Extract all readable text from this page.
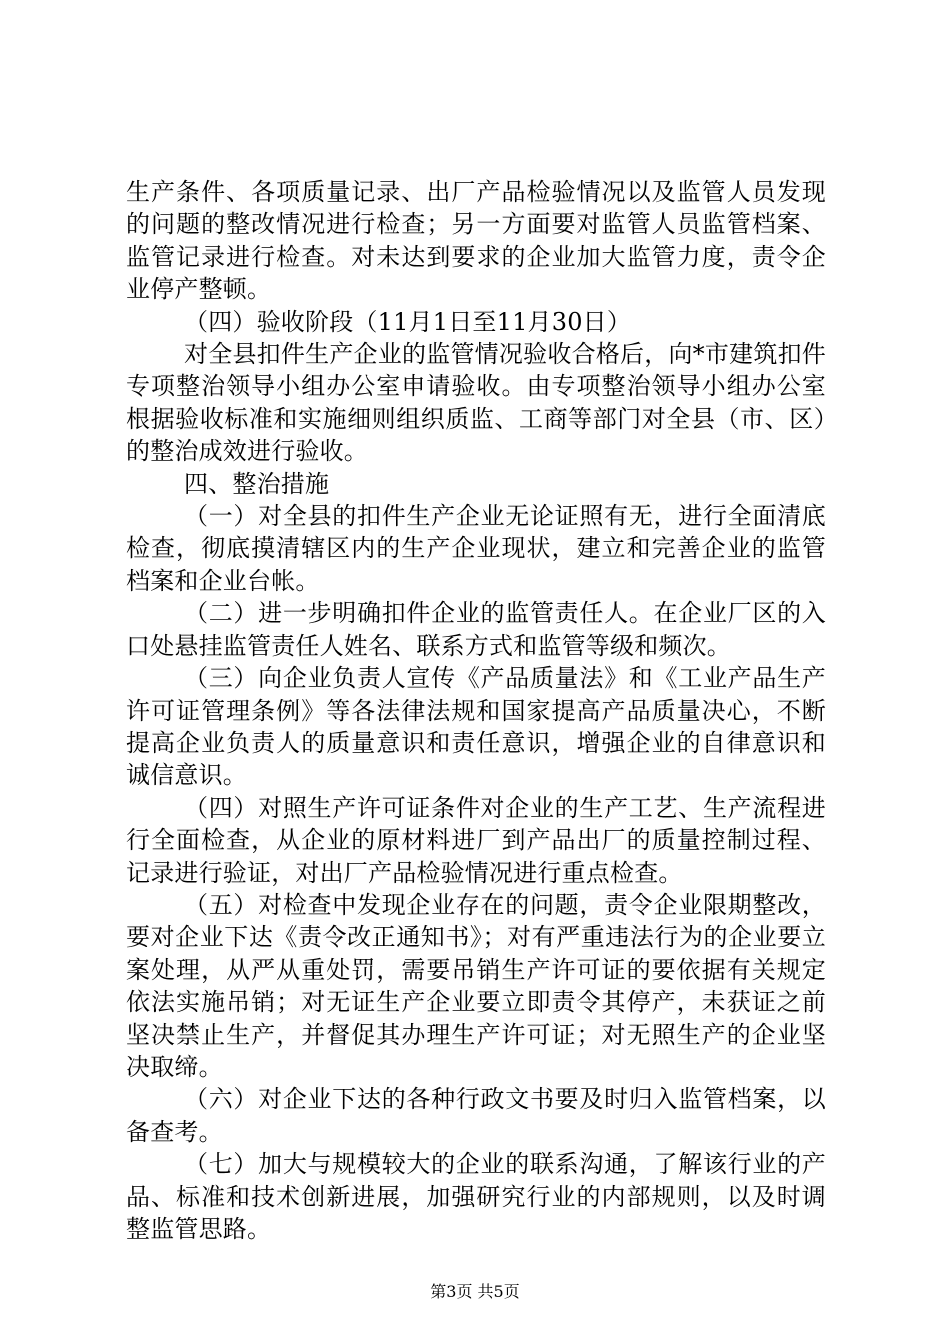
生产条件、各项质量记录、出厂产品检验情况以及监管人员发现的问题的整改情况进行检查；另一方面要对监管人员监管档案、监管记录进行检查。对未达到要求的企业加大监管力度，责令企业停产整顿。

（四）验收阶段（11月1日至11月30日）

对全县扣件生产企业的监管情况验收合格后，向*市建筑扣件专项整治领导小组办公室申请验收。由专项整治领导小组办公室根据验收标准和实施细则组织质监、工商等部门对全县（市、区）的整治成效进行验收。

四、整治措施

（一）对全县的扣件生产企业无论证照有无，进行全面清底检查，彻底摸清辖区内的生产企业现状，建立和完善企业的监管档案和企业台帐。

（二）进一步明确扣件企业的监管责任人。在企业厂区的入口处悬挂监管责任人姓名、联系方式和监管等级和频次。

（三）向企业负责人宣传《产品质量法》和《工业产品生产许可证管理条例》等各法律法规和国家提高产品质量决心，不断提高企业负责人的质量意识和责任意识，增强企业的自律意识和诚信意识。

（四）对照生产许可证条件对企业的生产工艺、生产流程进行全面检查，从企业的原材料进厂到产品出厂的质量控制过程、记录进行验证，对出厂产品检验情况进行重点检查。

（五）对检查中发现企业存在的问题，责令企业限期整改，要对企业下达《责令改正通知书》；对有严重违法行为的企业要立案处理，从严从重处罚，需要吊销生产许可证的要依据有关规定依法实施吊销；对无证生产企业要立即责令其停产，未获证之前坚决禁止生产，并督促其办理生产许可证；对无照生产的企业坚决取缔。

（六）对企业下达的各种行政文书要及时归入监管档案，以备查考。

（七）加大与规模较大的企业的联系沟通，了解该行业的产品、标准和技术创新进展，加强研究行业的内部规则，以及时调整监管思路。

第3页 共5页
